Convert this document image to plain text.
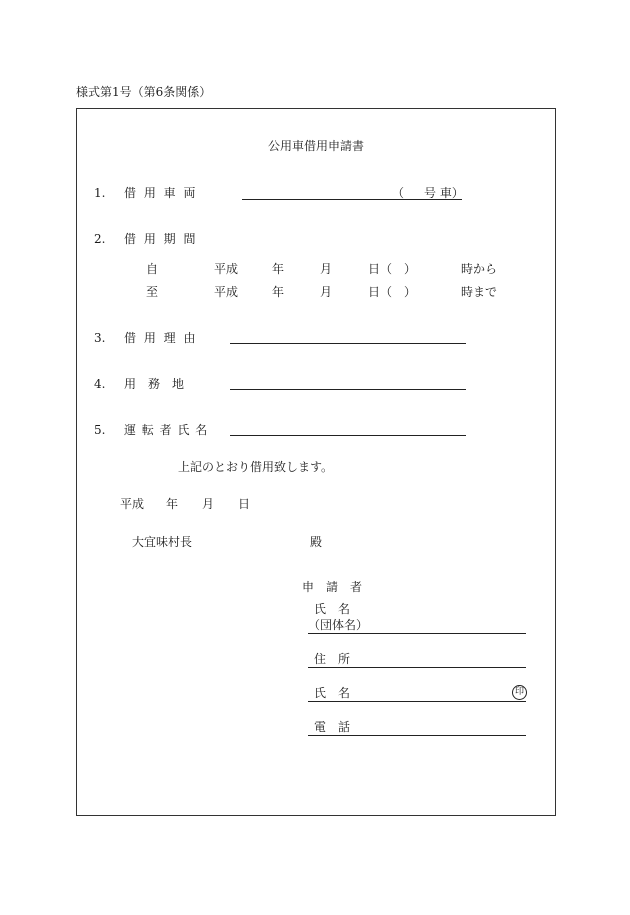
様式第1号（第6条関係）
公用車借用申請書
1. 借 用 車 両	（ 号 車）
2. 借 用 期 間
自	平成	年	月	日（ ）	時から
至	平成	年	月	日（ ）	時まで
3. 借 用 理 由
4. 用　務　地
5. 運 転 者 氏 名
上記のとおり借用致します。
平成 年 月 日
大宜味村長	殿
申　請　者
氏　名
（団体名）
住　所
氏　名	印
電　話
